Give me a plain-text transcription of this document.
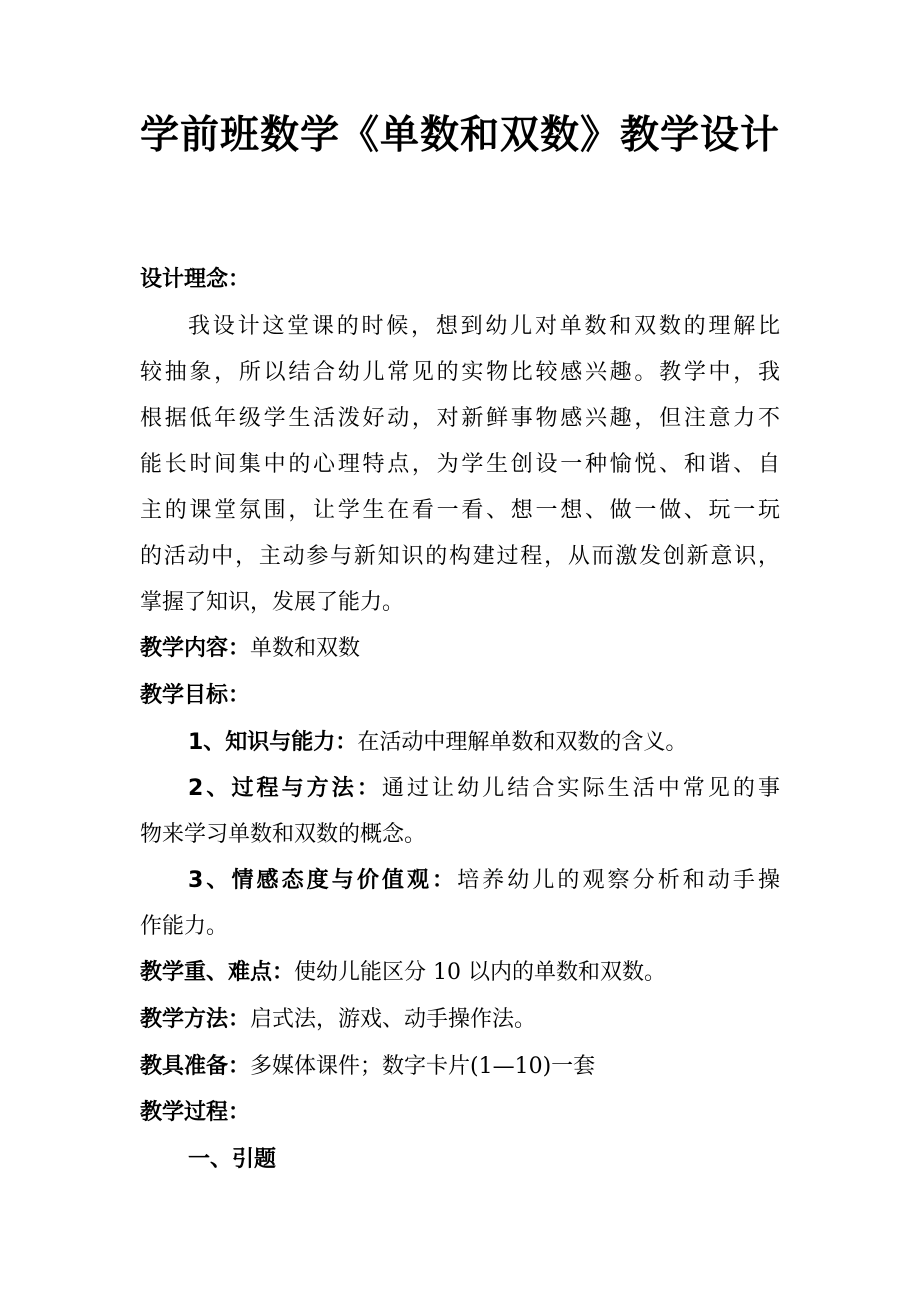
学前班数学《单数和双数》教学设计
设计理念：
我设计这堂课的时候，想到幼儿对单数和双数的理解比
较抽象，所以结合幼儿常见的实物比较感兴趣。教学中，我
根据低年级学生活泼好动，对新鲜事物感兴趣，但注意力不
能长时间集中的心理特点，为学生创设一种愉悦、和谐、自
主的课堂氛围，让学生在看一看、想一想、做一做、玩一玩
的活动中，主动参与新知识的构建过程，从而激发创新意识，
掌握了知识，发展了能力。
教学内容：单数和双数
教学目标：
1、知识与能力：在活动中理解单数和双数的含义。
2、过程与方法：通过让幼儿结合实际生活中常见的事
物来学习单数和双数的概念。
3、情感态度与价值观：培养幼儿的观察分析和动手操
作能力。
教学重、难点：使幼儿能区分 10 以内的单数和双数。
教学方法：启式法，游戏、动手操作法。
教具准备：多媒体课件；数字卡片(1—10)一套
教学过程：
一、引题
